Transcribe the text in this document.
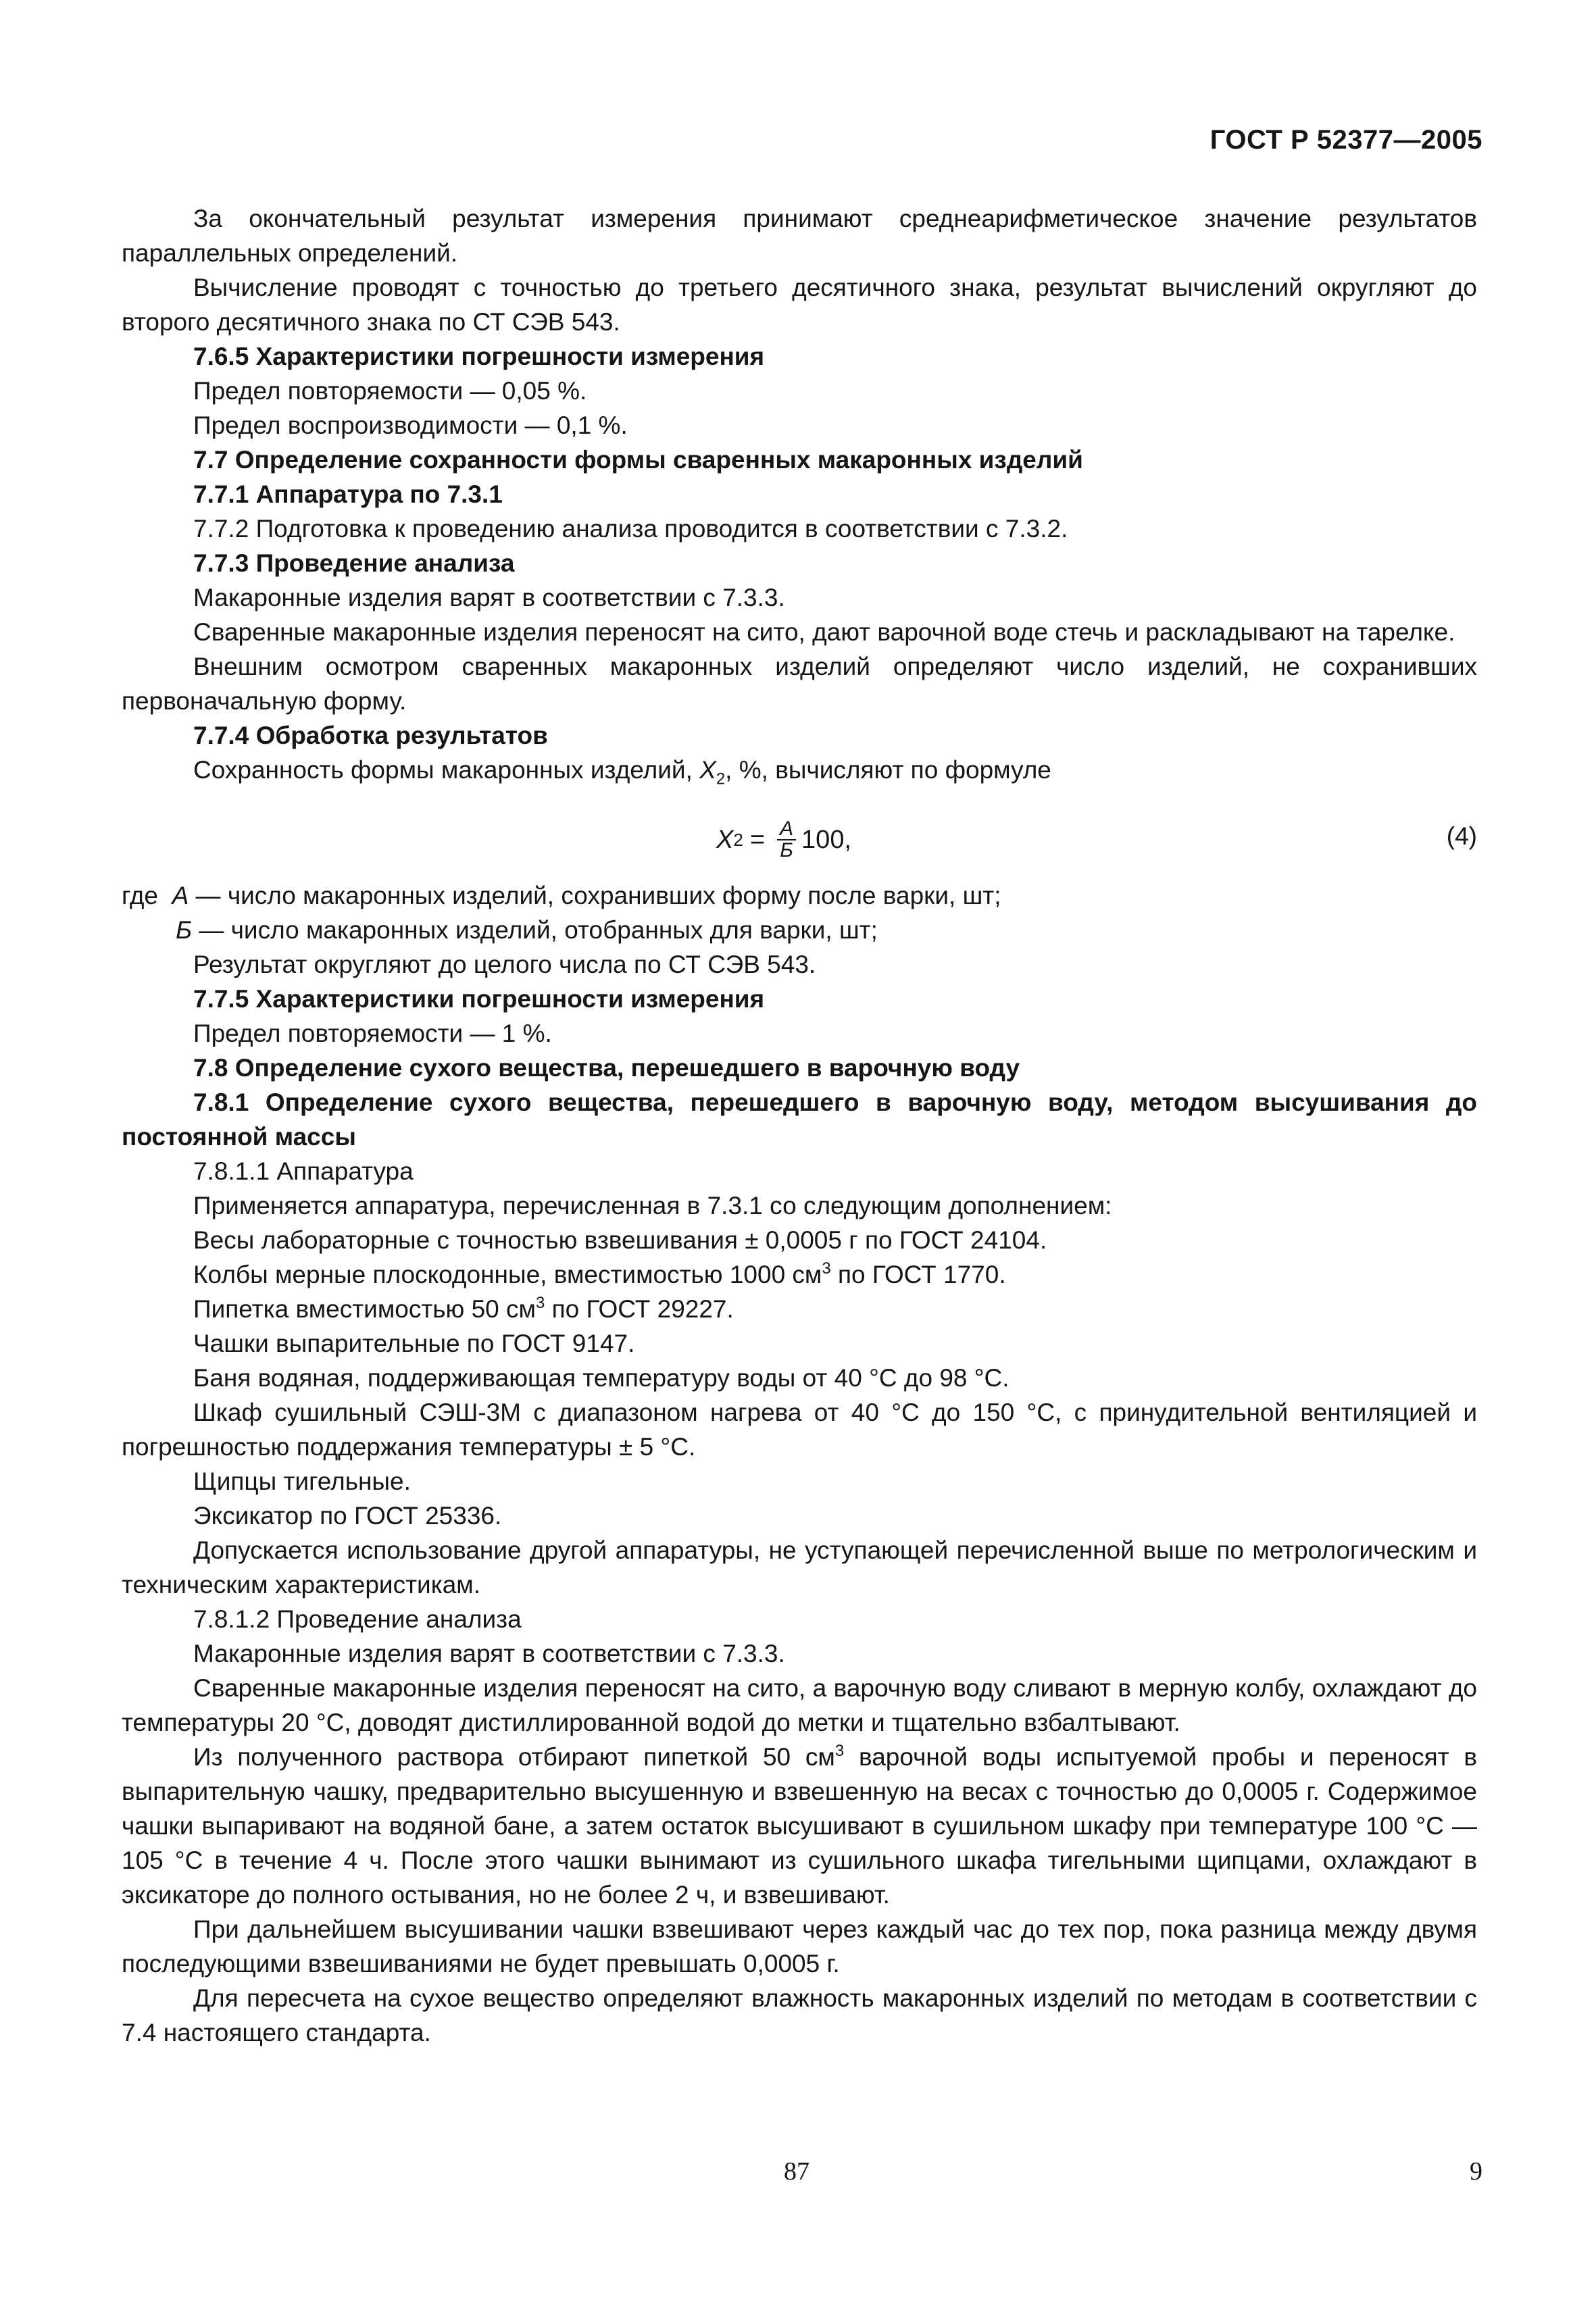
ГОСТ Р 52377—2005

За окончательный результат измерения принимают среднеарифметическое значение результатов параллельных определений.

Вычисление проводят с точностью до третьего десятичного знака, результат вычислений округляют до второго десятичного знака по СТ СЭВ 543.

7.6.5 Характеристики погрешности измерения

Предел повторяемости — 0,05 %.

Предел воспроизводимости — 0,1 %.

7.7 Определение сохранности формы сваренных макаронных изделий

7.7.1 Аппаратура по 7.3.1

7.7.2 Подготовка к проведению анализа проводится в соответствии с 7.3.2.

7.7.3 Проведение анализа

Макаронные изделия варят в соответствии с 7.3.3.

Сваренные макаронные изделия переносят на сито, дают варочной воде стечь и раскладывают на тарелке.

Внешним осмотром сваренных макаронных изделий определяют число изделий, не сохранивших первоначальную форму.

7.7.4 Обработка результатов

Сохранность формы макаронных изделий, $X_2$, %, вычисляют по формуле

X $2 = \frac{А}{Б} 100$,	(4)

где А — число макаронных изделий, сохранивших форму после варки, шт;

Б — число макаронных изделий, отобранных для варки, шт;

Результат округляют до целого числа по СТ СЭВ 543.

7.7.5 Характеристики погрешности измерения

Предел повторяемости — 1 %.

7.8 Определение сухого вещества, перешедшего в варочную воду

7.8.1 Определение сухого вещества, перешедшего в варочную воду, методом высушивания до постоянной массы

7.8.1.1 Аппаратура

Применяется аппаратура, перечисленная в 7.3.1 со следующим дополнением:

Весы лабораторные с точностью взвешивания ± 0,0005 г по ГОСТ 24104.

Колбы мерные плоскодонные, вместимостью 1000 $см^3$ по ГОСТ 1770.

Пипетка вместимостью 50 $см^3$ по ГОСТ 29227.

Чашки выпарительные по ГОСТ 9147.

Баня водяная, поддерживающая температуру воды от 40 °С до 98 °С.

Шкаф сушильный СЭШ-3М с диапазоном нагрева от 40 °С до 150 °С, с принудительной вентиляцией и погрешностью поддержания температуры ± 5 °С.

Щипцы тигельные.

Эксикатор по ГОСТ 25336.

Допускается использование другой аппаратуры, не уступающей перечисленной выше по метрологическим и техническим характеристикам.

7.8.1.2 Проведение анализа

Макаронные изделия варят в соответствии с 7.3.3.

Сваренные макаронные изделия переносят на сито, а варочную воду сливают в мерную колбу, охлаждают до температуры 20 °С, доводят дистиллированной водой до метки и тщательно взбалтывают.

Из полученного раствора отбирают пипеткой 50 $см^3$ варочной воды испытуемой пробы и переносят в выпарительную чашку, предварительно высушенную и взвешенную на весах с точностью до 0,0005 г. Содержимое чашки выпаривают на водяной бане, а затем остаток высушивают в сушильном шкафу при температуре 100 °С — 105 °С в течение 4 ч. После этого чашки вынимают из сушильного шкафа тигельными щипцами, охлаждают в эксикаторе до полного остывания, но не более 2 ч, и взвешивают.

При дальнейшем высушивании чашки взвешивают через каждый час до тех пор, пока разница между двумя последующими взвешиваниями не будет превышать 0,0005 г.

Для пересчета на сухое вещество определяют влажность макаронных изделий по методам в соответствии с 7.4 настоящего стандарта.

87	9
